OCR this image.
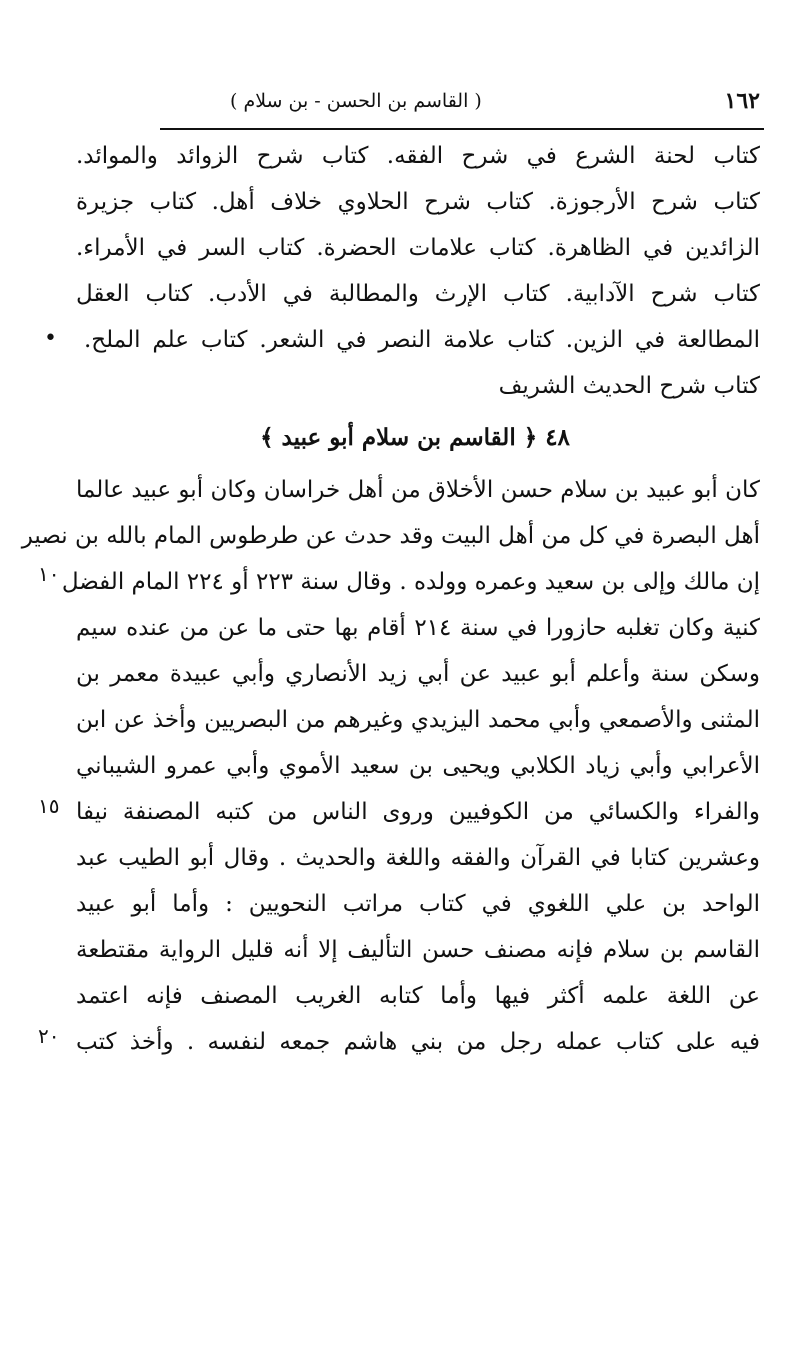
( القاسم بن الحسن - بن سلام )	١٦٢
كتاب لحنة الشرع في شرح الفقه. كتاب شرح الزوائد والموائد.
كتاب شرح الأرجوزة. كتاب شرح الحلاوي خلاف أهل. كتاب جزيرة
الزائدين في الظاهرة. كتاب علامات الحضرة. كتاب السر في الأمراء.
كتاب شرح الآدابية. كتاب الإرث والمطالبة في الأدب. كتاب العقل
المطالعة في الزين. كتاب علامة النصر في الشعر. كتاب علم الملح.
كتاب شرح الحديث الشريف
٤٨ ﴿ القاسم بن سلام أبو عبيد ﴾
كان أبو عبيد بن سلام حسن الأخلاق من أهل خراسان وكان أبو عبيد عالما
أهل البصرة في كل من أهل البيت وقد حدث عن طرطوس المام بالله بن نصير
إن مالك وإلى بن سعيد وعمره وولده . وقال سنة ٢٢٣ أو ٢٢٤ المام الفضل
كنية وكان تغلبه حازورا في سنة ٢١٤ أقام بها حتى ما عن من عنده سيم
وسكن سنة وأعلم أبو عبيد عن أبي زيد الأنصاري وأبي عبيدة معمر بن
المثنى والأصمعي وأبي محمد اليزيدي وغيرهم من البصريين وأخذ عن ابن
الأعرابي وأبي زياد الكلابي ويحيى بن سعيد الأموي وأبي عمرو الشيباني
والفراء والكسائي من الكوفيين وروى الناس من كتبه المصنفة نيفا
وعشرين كتابا في القرآن والفقه واللغة والحديث . وقال أبو الطيب عبد
الواحد بن علي اللغوي في كتاب مراتب النحويين : وأما أبو عبيد
القاسم بن سلام فإنه مصنف حسن التأليف إلا أنه قليل الرواية مقتطعة
عن اللغة علمه أكثر فيها وأما كتابه الغريب المصنف فإنه اعتمد
فيه على كتاب عمله رجل من بني هاشم جمعه لنفسه . وأخذ كتب
•
١٠
١٥
٢٠
